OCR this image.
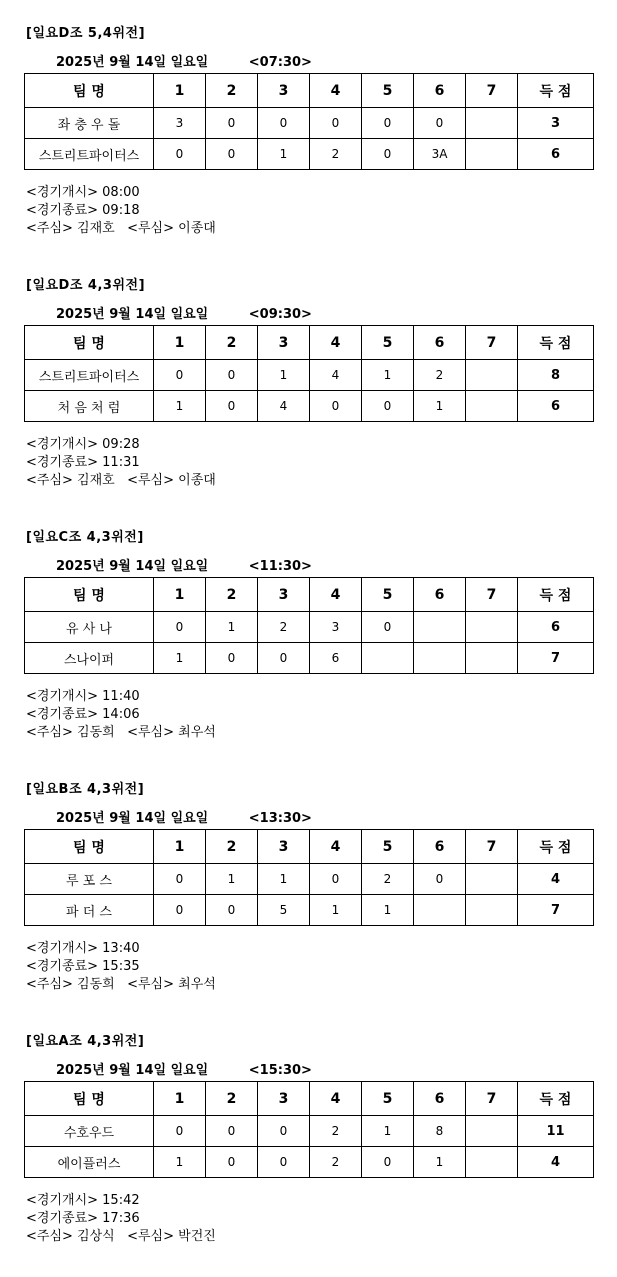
[일요D조 5,4위전]
2025년 9월 14일 일요일	<07:30>
팀 명	1	2	3	4	5	6	7	득 점
좌 충 우 돌	3	0	0	0	0	0		3
스트리트파이터스	0	0	1	2	0	3A		6
<경기개시> 08:00
<경기종료> 09:18
<주심> 김재호   <루심> 이종대
[일요D조 4,3위전]
2025년 9월 14일 일요일	<09:30>
팀 명	1	2	3	4	5	6	7	득 점
스트리트파이터스	0	0	1	4	1	2		8
처 음 처 럼	1	0	4	0	0	1		6
<경기개시> 09:28
<경기종료> 11:31
<주심> 김재호   <루심> 이종대
[일요C조 4,3위전]
2025년 9월 14일 일요일	<11:30>
팀 명	1	2	3	4	5	6	7	득 점
유 사 나	0	1	2	3	0			6
스나이퍼	1	0	0	6				7
<경기개시> 11:40
<경기종료> 14:06
<주심> 김동희   <루심> 최우석
[일요B조 4,3위전]
2025년 9월 14일 일요일	<13:30>
팀 명	1	2	3	4	5	6	7	득 점
루 포 스	0	1	1	0	2	0		4
파 더 스	0	0	5	1	1			7
<경기개시> 13:40
<경기종료> 15:35
<주심> 김동희   <루심> 최우석
[일요A조 4,3위전]
2025년 9월 14일 일요일	<15:30>
팀 명	1	2	3	4	5	6	7	득 점
수호우드	0	0	0	2	1	8		11
에이플러스	1	0	0	2	0	1		4
<경기개시> 15:42
<경기종료> 17:36
<주심> 김상식   <루심> 박건진
